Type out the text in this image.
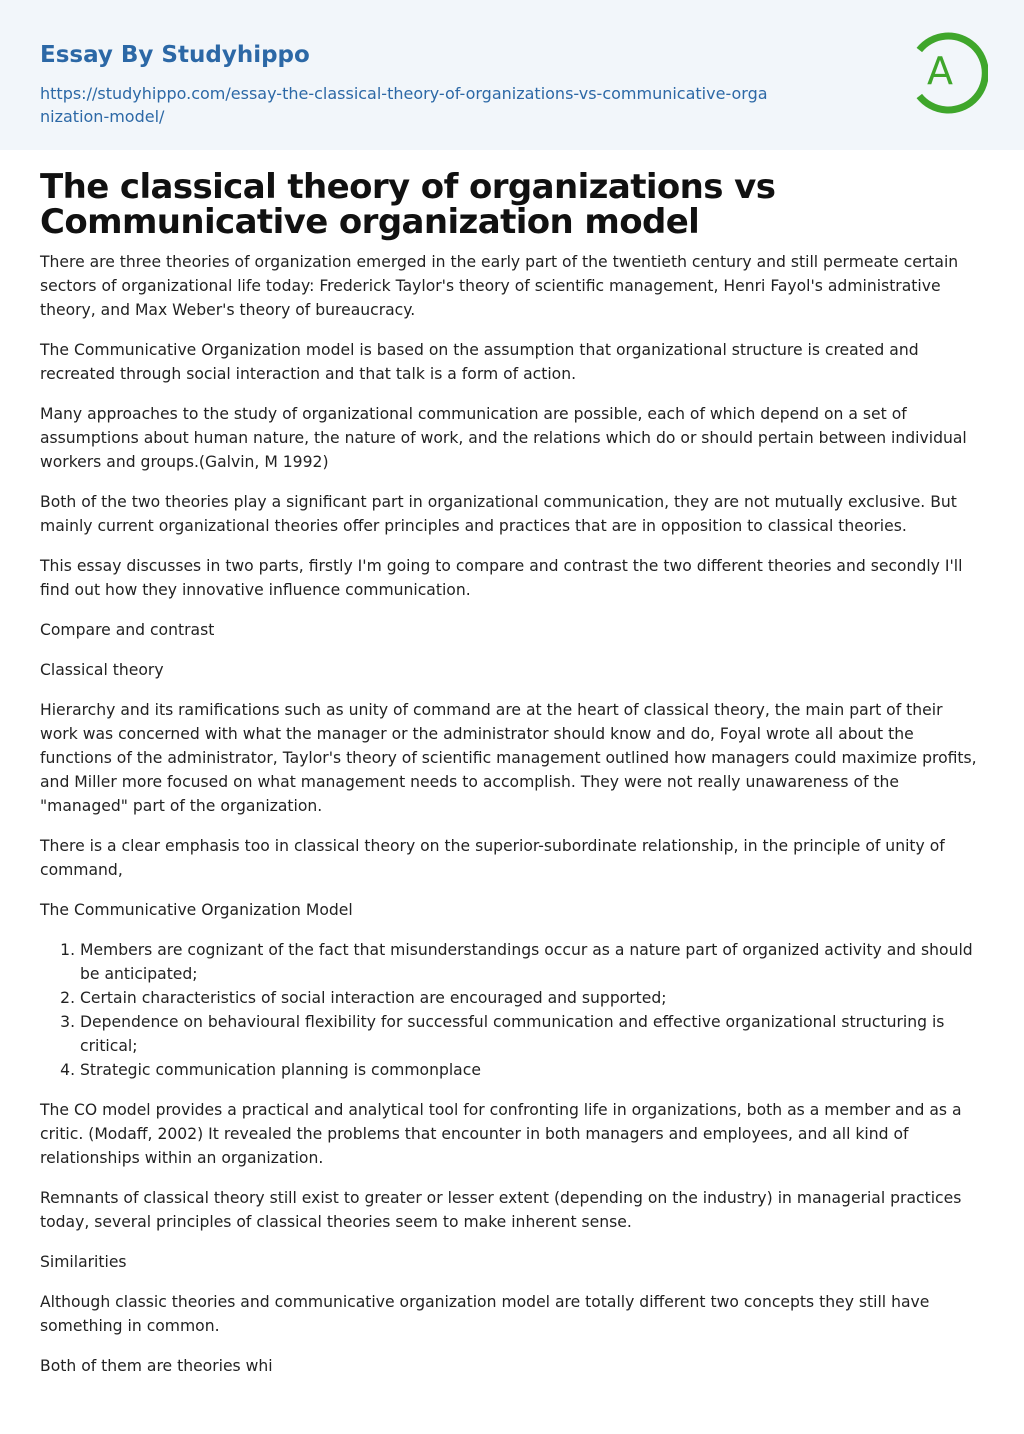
Essay By Studyhippo
https://studyhippo.com/essay-the-classical-theory-of-organizations-vs-communicative-organization-model/
A
The classical theory of organizations vs Communicative organization model

There are three theories of organization emerged in the early part of the twentieth century and still permeate certain sectors of organizational life today: Frederick Taylor's theory of scientific management, Henri Fayol's administrative theory, and Max Weber's theory of bureaucracy.

The Communicative Organization model is based on the assumption that organizational structure is created and recreated through social interaction and that talk is a form of action.

Many approaches to the study of organizational communication are possible, each of which depend on a set of assumptions about human nature, the nature of work, and the relations which do or should pertain between individual workers and groups.(Galvin, M 1992)

Both of the two theories play a significant part in organizational communication, they are not mutually exclusive. But mainly current organizational theories offer principles and practices that are in opposition to classical theories.

This essay discusses in two parts, firstly I'm going to compare and contrast the two different theories and secondly I'll find out how they innovative influence communication.

Compare and contrast

Classical theory

Hierarchy and its ramifications such as unity of command are at the heart of classical theory, the main part of their work was concerned with what the manager or the administrator should know and do, Foyal wrote all about the functions of the administrator, Taylor's theory of scientific management outlined how managers could maximize profits, and Miller more focused on what management needs to accomplish. They were not really unawareness of the "managed" part of the organization.

There is a clear emphasis too in classical theory on the superior-subordinate relationship, in the principle of unity of command,

The Communicative Organization Model

1. Members are cognizant of the fact that misunderstandings occur as a nature part of organized activity and should be anticipated;
2. Certain characteristics of social interaction are encouraged and supported;
3. Dependence on behavioural flexibility for successful communication and effective organizational structuring is critical;
4. Strategic communication planning is commonplace

The CO model provides a practical and analytical tool for confronting life in organizations, both as a member and as a critic. (Modaff, 2002) It revealed the problems that encounter in both managers and employees, and all kind of relationships within an organization.

Remnants of classical theory still exist to greater or lesser extent (depending on the industry) in managerial practices today, several principles of classical theories seem to make inherent sense.

Similarities

Although classic theories and communicative organization model are totally different two concepts they still have something in common.

Both of them are theories whi
